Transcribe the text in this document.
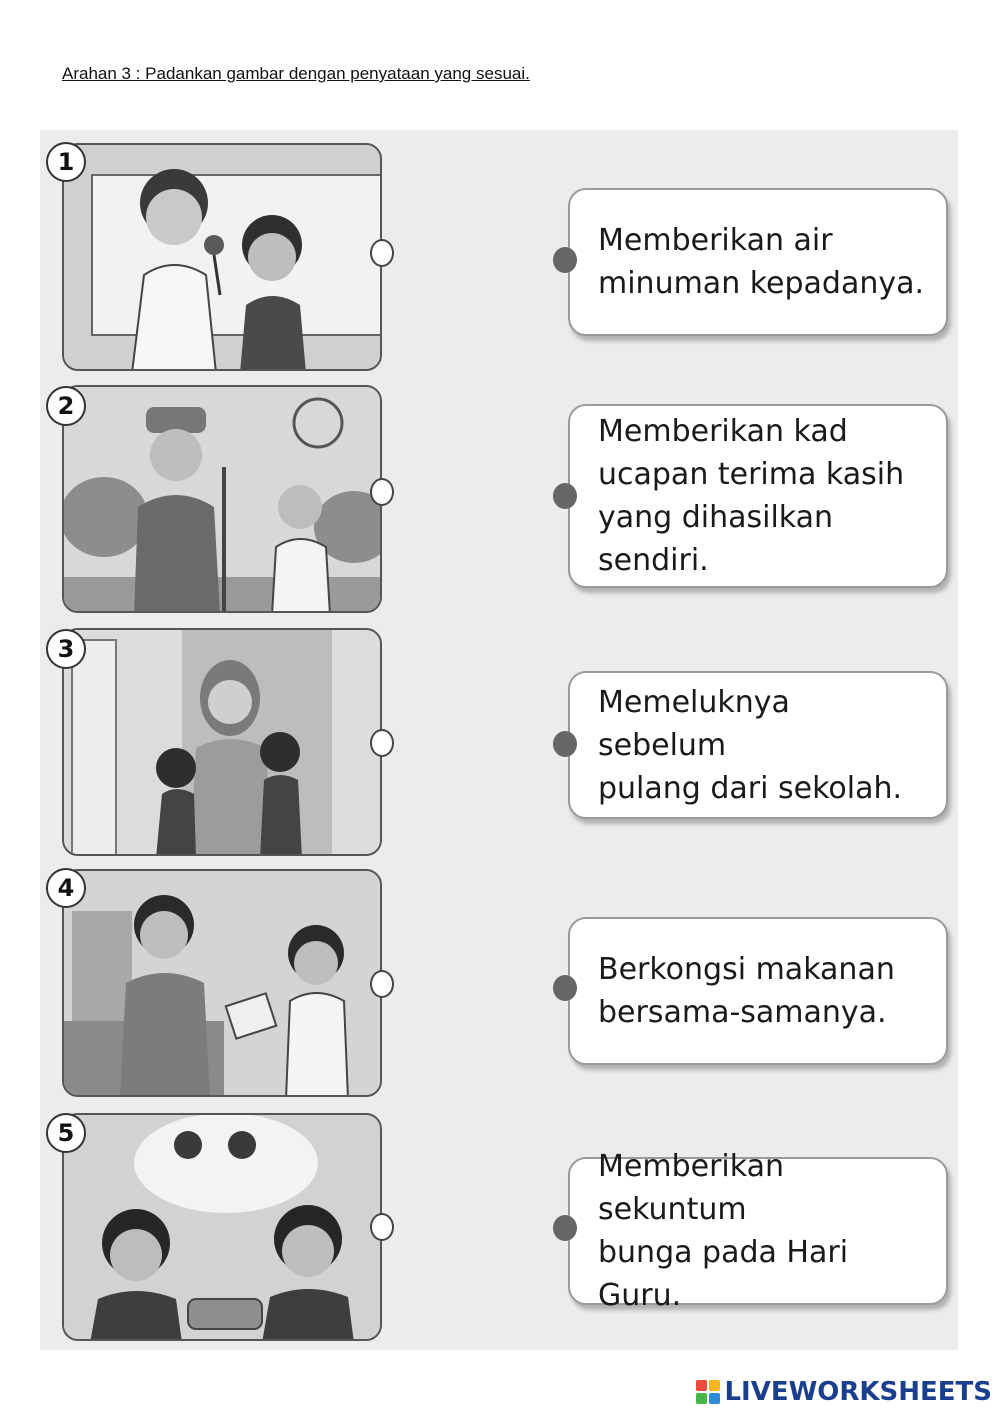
Arahan 3 : Padankan gambar dengan penyataan yang sesuai.
1
2
3
4
5
Memberikan air
minuman kepadanya.
Memberikan kad
ucapan terima kasih
yang dihasilkan sendiri.
Memeluknya sebelum
pulang dari sekolah.
Berkongsi makanan
bersama-samanya.
Memberikan sekuntum
bunga pada Hari Guru.
LIVEWORKSHEETS
